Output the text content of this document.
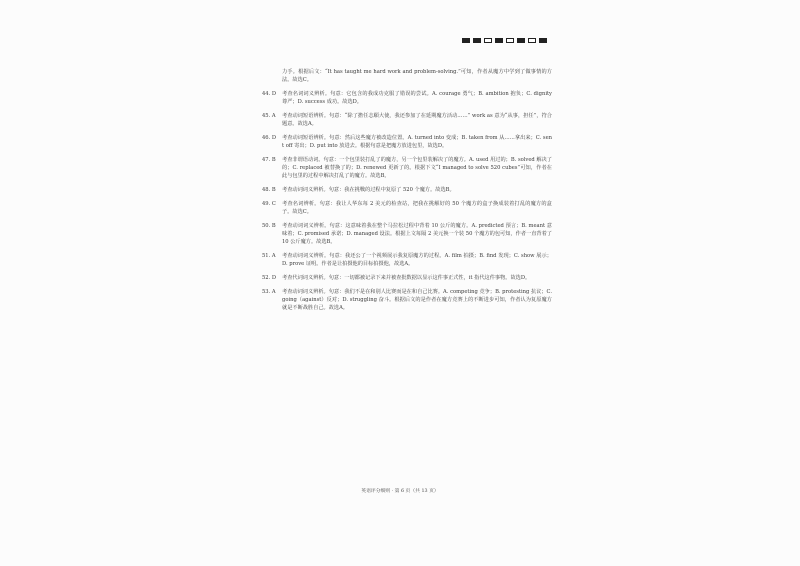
力手。根据后文：“It has taught me hard work and problem-solving.”可知，作者从魔方中学到了做事情的方法。故选C。
44. D	考查名词词义辨析。句意：它包含的我成功克服了错误的尝试。A. courage 勇气；B. ambition 抱负；C. dignity 尊严；D. success 成功。故选D。
45. A	考查动词短语辨析。句意：“除了擔任志願大使，我还参加了在延期魔方活动……” work as 意为“从事，担任”，符合题意。故选A。
46. D	考查动词短语辨析。句意：然后这些魔方被改造位置。A. turned into 变成；B. taken from 从……拿出来；C. sent off 寄出；D. put into 放进去。根据句意是把魔方放进包里，故选D。
47. B	考查非谓语动词。句意：一个包里装打乱了的魔方，另一个包里装解决了的魔方。A. used 用过的；B. solved 解决了的；C. replaced 被替换了的；D. renewed 更新了的。根据下文“I managed to solve 520 cubes”可知，作者在此与包里的过程中解决打乱了的魔方。故选B。
48. B	考查动词词义辨析。句意：我在挑戰的过程中复原了 520 个魔方。故选B。
49. C	考查名词辨析。句意：我让人华东每 2 美元的检查站，把我在挑解好的 50 个魔方的盒子换成装着打乱的魔方的盒子。故选C。
50. B	考查动词词义辨析。句意：这意味着我在整个马拉松过程中背着 10 公斤的魔方。A. predicted 预言；B. meant 意味着；C. promised 承诺；D. managed 设法。根据上文每隔 2 美元换一个装 50 个魔方的包可知，作者一直背着了 10 公斤魔方。故选B。
51. A	考查动词词义辨析。句意：我还公了一个视频展示我复原魔方的过程。A. film 拍摄；B. find 发现；C. show 展示；D. prove 证明。作者是让拍摄他的目标拍摄他，故选A。
52. D	考查代词词义辨析。句意：一切都被记录下来并被查批数据以显示这件事正式性，it 指代这件事物。故选D。
53. A	考查动词词义辨析。句意：我们不是在和别人比赛而是在和自己比赛。A. competing 竞争；B. protesting 抗议；C. going（against）反对；D. struggling 奋斗。根据后文的是作者在魔方竞赛上的不断进步可知，作者认为复原魔方就是不断战胜自己。故选A。
英语评分细则 · 第 6 页（共 13 页）
